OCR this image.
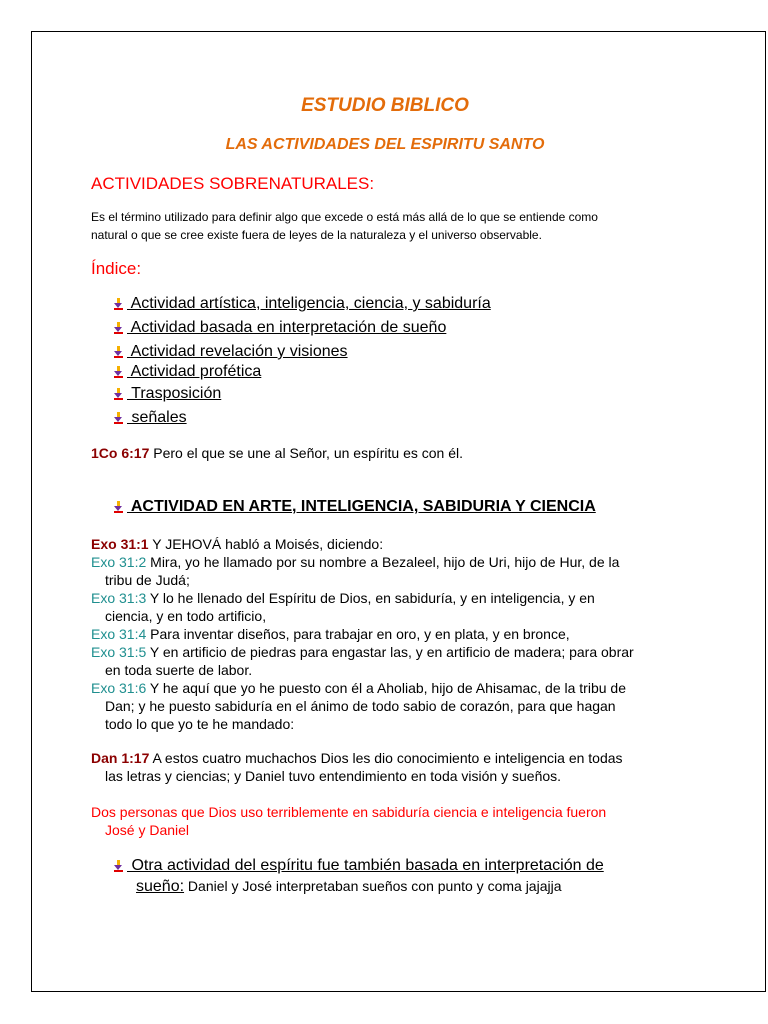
ESTUDIO BIBLICO
LAS ACTIVIDADES DEL ESPIRITU SANTO
ACTIVIDADES SOBRENATURALES:
Es el término utilizado para definir algo que excede o está más allá de lo que se entiende como
natural o que se cree existe fuera de leyes de la naturaleza y el universo observable.
Índice:
Actividad artística, inteligencia, ciencia, y sabiduría
Actividad basada en interpretación de sueño
Actividad revelación y visiones
Actividad profética
Trasposición
señales
1Co 6:17 Pero el que se une al Señor, un espíritu es con él.
ACTIVIDAD EN ARTE, INTELIGENCIA, SABIDURIA Y CIENCIA
Exo 31:1 Y JEHOVÁ habló a Moisés, diciendo:
Exo 31:2 Mira, yo he llamado por su nombre a Bezaleel, hijo de Uri, hijo de Hur, de la
tribu de Judá;
Exo 31:3 Y lo he llenado del Espíritu de Dios, en sabiduría, y en inteligencia, y en
ciencia, y en todo artificio,
Exo 31:4 Para inventar diseños, para trabajar en oro, y en plata, y en bronce,
Exo 31:5 Y en artificio de piedras para engastar las, y en artificio de madera; para obrar
en toda suerte de labor.
Exo 31:6 Y he aquí que yo he puesto con él a Aholiab, hijo de Ahisamac, de la tribu de
Dan; y he puesto sabiduría en el ánimo de todo sabio de corazón, para que hagan
todo lo que yo te he mandado:
Dan 1:17 A estos cuatro muchachos Dios les dio conocimiento e inteligencia en todas
las letras y ciencias; y Daniel tuvo entendimiento en toda visión y sueños.
Dos personas que Dios uso terriblemente en sabiduría ciencia e inteligencia fueron
José y Daniel
Otra actividad del espíritu fue también basada en interpretación de
sueño: Daniel y José interpretaban sueños con punto y coma jajajja
